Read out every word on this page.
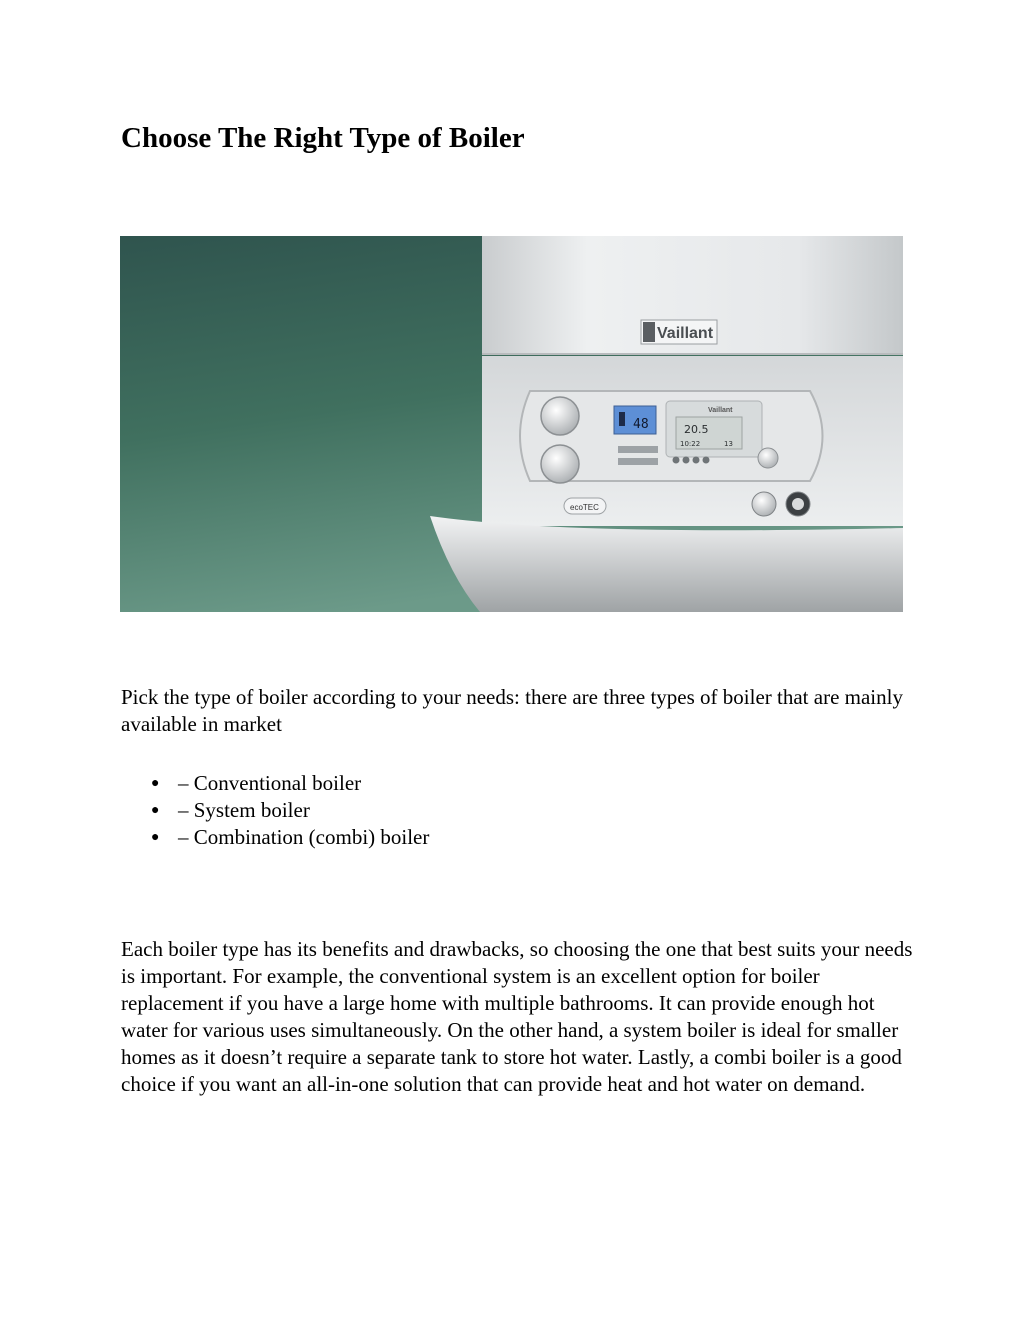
Choose The Right Type of Boiler
Vaillant
48
Vaillant
20.5
10:22	13
ecoTEC

Pick the type of boiler according to your needs: there are three types of boiler that are mainly available in market

● – Conventional boiler
● – System boiler
● – Combination (combi) boiler

Each boiler type has its benefits and drawbacks, so choosing the one that best suits your needs is important. For example, the conventional system is an excellent option for boiler replacement if you have a large home with multiple bathrooms. It can provide enough hot water for various uses simultaneously. On the other hand, a system boiler is ideal for smaller homes as it doesn’t require a separate tank to store hot water. Lastly, a combi boiler is a good choice if you want an all-in-one solution that can provide heat and hot water on demand.
